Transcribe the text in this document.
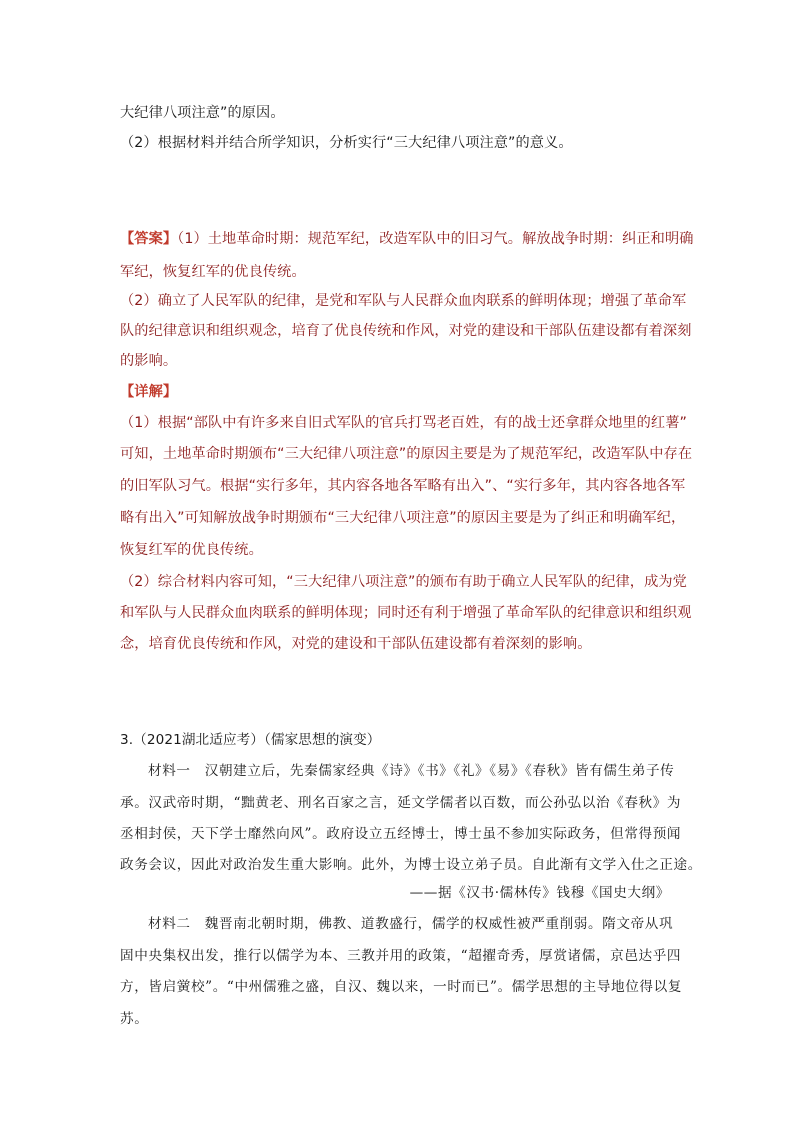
大纪律八项注意”的原因。
（2）根据材料并结合所学知识，分析实行“三大纪律八项注意”的意义。
【答案】（1）土地革命时期：规范军纪，改造军队中的旧习气。解放战争时期：纠正和明确
军纪，恢复红军的优良传统。
（2）确立了人民军队的纪律，是党和军队与人民群众血肉联系的鲜明体现；增强了革命军
队的纪律意识和组织观念，培育了优良传统和作风，对党的建设和干部队伍建设都有着深刻
的影响。
【详解】
（1）根据“部队中有许多来自旧式军队的官兵打骂老百姓，有的战士还拿群众地里的红薯”
可知，土地革命时期颁布“三大纪律八项注意”的原因主要是为了规范军纪，改造军队中存在
的旧军队习气。根据“实行多年，其内容各地各军略有出入”、“实行多年，其内容各地各军
略有出入”可知解放战争时期颁布“三大纪律八项注意”的原因主要是为了纠正和明确军纪，
恢复红军的优良传统。
（2）综合材料内容可知，“三大纪律八项注意”的颁布有助于确立人民军队的纪律，成为党
和军队与人民群众血肉联系的鲜明体现；同时还有利于增强了革命军队的纪律意识和组织观
念，培育优良传统和作风，对党的建设和干部队伍建设都有着深刻的影响。
3.（2021湖北适应考）（儒家思想的演变）
材料一　汉朝建立后，先秦儒家经典《诗》《书》《礼》《易》《春秋》皆有儒生弟子传
承。汉武帝时期，“黜黄老、刑名百家之言，延文学儒者以百数，而公孙弘以治《春秋》为
丞相封侯，天下学士靡然向风”。政府设立五经博士，博士虽不参加实际政务，但常得预闻
政务会议，因此对政治发生重大影响。此外，为博士设立弟子员。自此渐有文学入仕之正途。
——据《汉书·儒林传》钱穆《国史大纲》
材料二　魏晋南北朝时期，佛教、道教盛行，儒学的权威性被严重削弱。隋文帝从巩
固中央集权出发，推行以儒学为本、三教并用的政策，“超擢奇秀，厚赏诸儒，京邑达乎四
方，皆启黉校”。“中州儒雅之盛，自汉、魏以来，一时而已”。儒学思想的主导地位得以复
苏。
